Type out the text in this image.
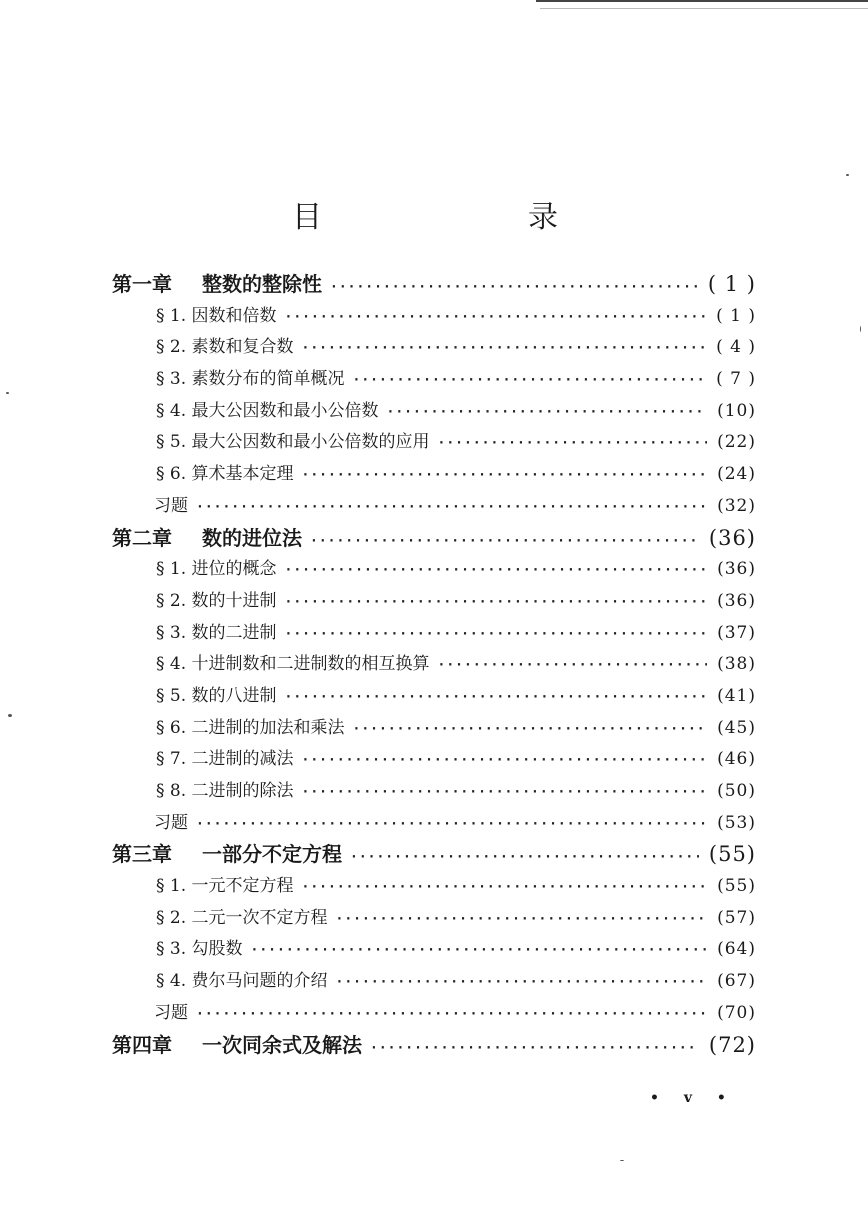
目　录
第一章 整数的整除性 ·····	( 1 )
§ 1. 因数和倍数 ·····	( 1 )
§ 2. 素数和复合数 ·····	( 4 )
§ 3. 素数分布的简单概况 ·····	( 7 )
§ 4. 最大公因数和最小公倍数 ·····	(10)
§ 5. 最大公因数和最小公倍数的应用 ·····	(22)
§ 6. 算术基本定理 ·····	(24)
习题 ·····	(32)
第二章 数的进位法 ·····	(36)
§ 1. 进位的概念 ·····	(36)
§ 2. 数的十进制 ·····	(36)
§ 3. 数的二进制 ·····	(37)
§ 4. 十进制数和二进制数的相互换算 ·····	(38)
§ 5. 数的八进制 ·····	(41)
§ 6. 二进制的加法和乘法 ·····	(45)
§ 7. 二进制的减法 ·····	(46)
§ 8. 二进制的除法 ·····	(50)
习题 ·····	(53)
第三章 一部分不定方程 ·····	(55)
§ 1. 一元不定方程 ·····	(55)
§ 2. 二元一次不定方程 ·····	(57)
§ 3. 勾股数 ·····	(64)
§ 4. 费尔马问题的介绍 ·····	(67)
习题 ·····	(70)
第四章 一次同余式及解法 ·····	(72)
• v •
